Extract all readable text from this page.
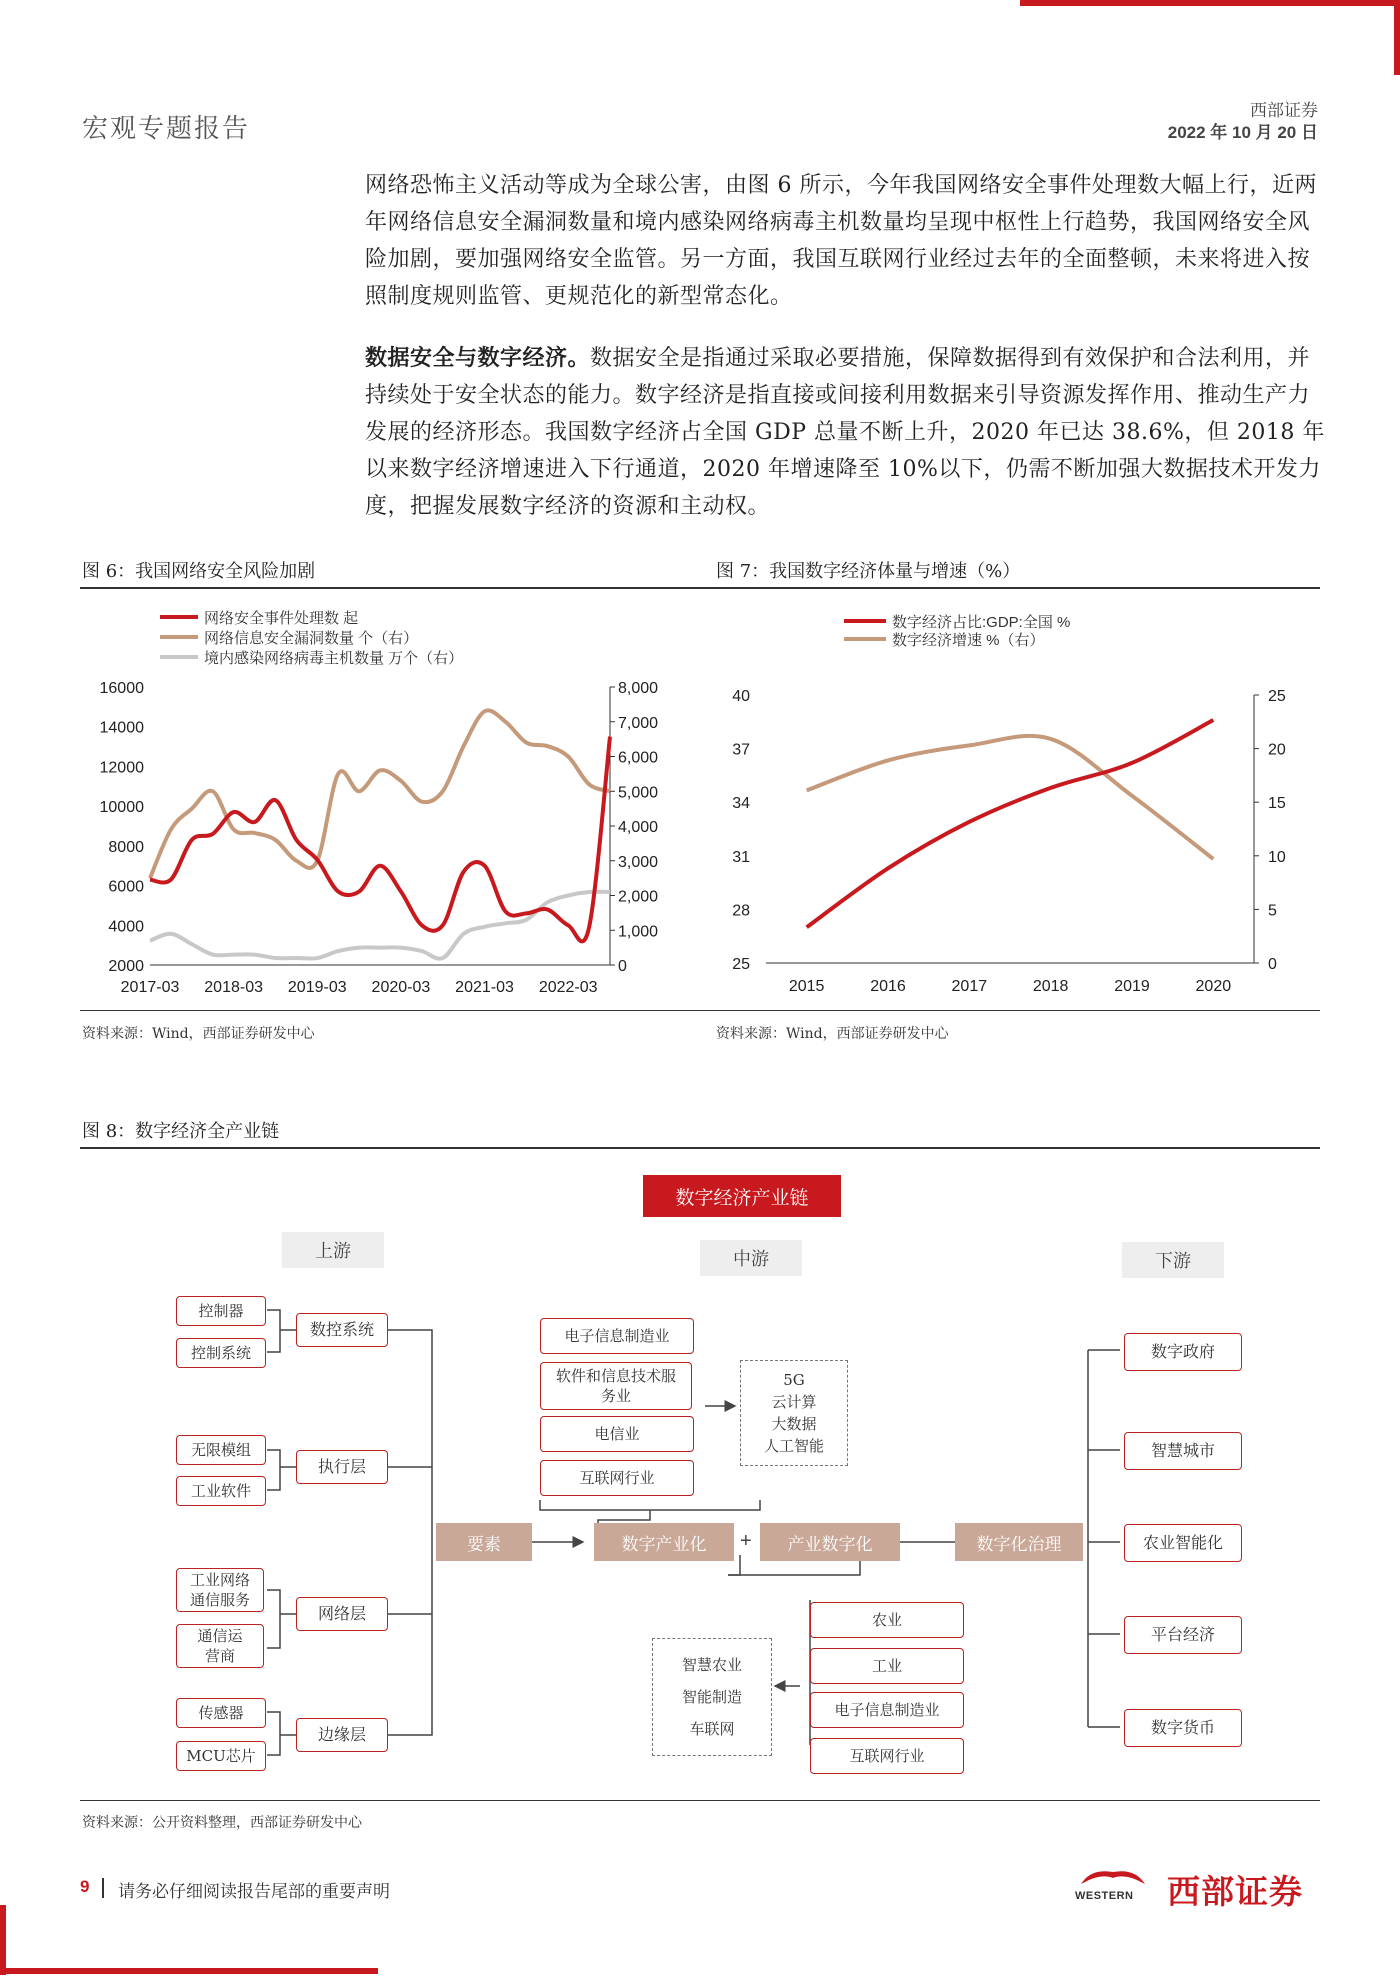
宏观专题报告
西部证券
2022 年 10 月 20 日
网络恐怖主义活动等成为全球公害，由图 6 所示，今年我国网络安全事件处理数大幅上行，近两年网络信息安全漏洞数量和境内感染网络病毒主机数量均呈现中枢性上行趋势，我国网络安全风险加剧，要加强网络安全监管。另一方面，我国互联网行业经过去年的全面整顿，未来将进入按照制度规则监管、更规范化的新型常态化。
数据安全与数字经济。数据安全是指通过采取必要措施，保障数据得到有效保护和合法利用，并持续处于安全状态的能力。数字经济是指直接或间接利用数据来引导资源发挥作用、推动生产力发展的经济形态。我国数字经济占全国 GDP 总量不断上升，2020 年已达 38.6%，但 2018 年以来数字经济增速进入下行通道，2020 年增速降至 10%以下，仍需不断加强大数据技术开发力度，把握发展数字经济的资源和主动权。
图 6：我国网络安全风险加剧
网络安全事件处理数 起
网络信息安全漏洞数量 个（右）
境内感染网络病毒主机数量 万个（右）
16000
14000
12000
10000
8000
6000
4000
2000
8,000
7,000
6,000
5,000
4,000
3,000
2,000
1,000
0
2017-03 2018-03 2019-03 2020-03 2021-03 2022-03
资料来源：Wind，西部证券研发中心
图 7：我国数字经济体量与增速（%）
数字经济占比:GDP:全国 %
数字经济增速 %（右）
40
37
34
31
28
25
25
20
15
10
5
0
2015	2016	2017	2018	2019	2020
资料来源：Wind，西部证券研发中心
图 8：数字经济全产业链
数字经济产业链
上游	中游	下游
控制器
控制系统
数控系统
无限模组
工业软件
执行层
工业网络通信服务
通信运营商
网络层
传感器
MCU芯片
边缘层
电子信息制造业
软件和信息技术服务业
电信业
互联网行业
5G
云计算
大数据
人工智能
要素	数字产业化	+	产业数字化	数字化治理
农业
工业
电子信息制造业
互联网行业
智慧农业
智能制造
车联网
数字政府
智慧城市
农业智能化
平台经济
数字货币
资料来源：公开资料整理，西部证券研发中心
9 请务必仔细阅读报告尾部的重要声明	WESTERN 西部证券
